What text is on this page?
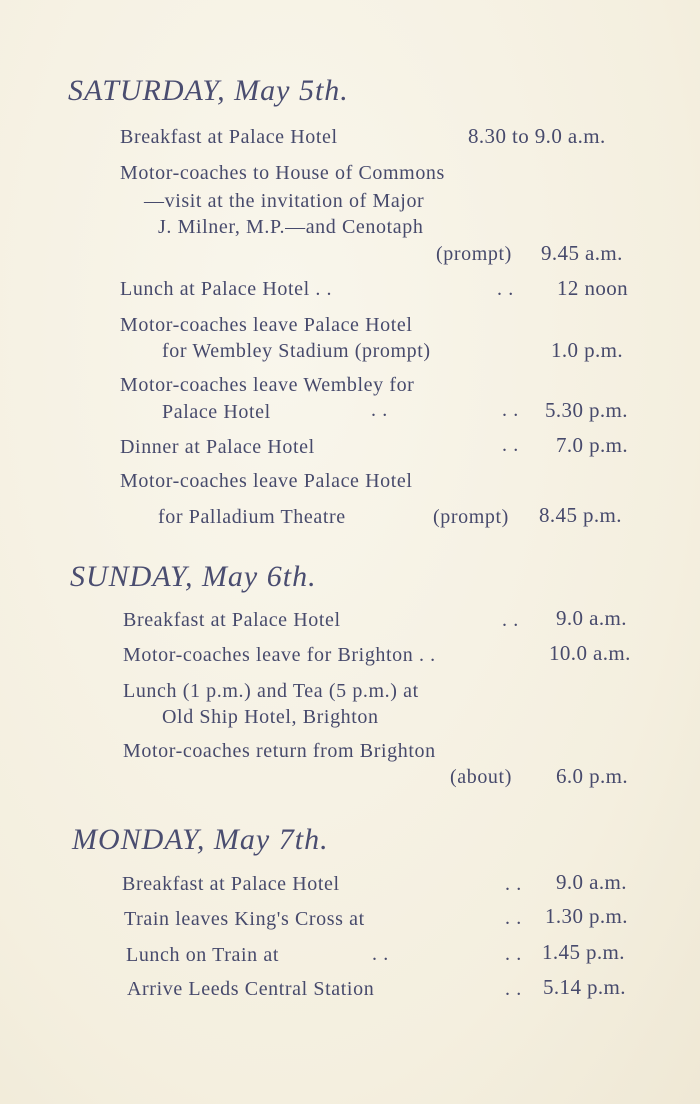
SATURDAY, May 5th.
Breakfast at Palace Hotel	8.30 to 9.0 a.m.
Motor-coaches to House of Commons
—visit at the invitation of Major
J. Milner, M.P.—and Cenotaph
(prompt) 9.45 a.m.
Lunch at Palace Hotel . .	. . 12 noon
Motor-coaches leave Palace Hotel
for Wembley Stadium (prompt)	1.0 p.m.
Motor-coaches leave Wembley for
Palace Hotel	. .	. . 5.30 p.m.
Dinner at Palace Hotel	. . 7.0 p.m.
Motor-coaches leave Palace Hotel
for Palladium Theatre	(prompt) 8.45 p.m.
SUNDAY, May 6th.
Breakfast at Palace Hotel	. . 9.0 a.m.
Motor-coaches leave for Brighton . .	10.0 a.m.
Lunch (1 p.m.) and Tea (5 p.m.) at
Old Ship Hotel, Brighton
Motor-coaches return from Brighton
(about) 6.0 p.m.
MONDAY, May 7th.
Breakfast at Palace Hotel	. . 9.0 a.m.
Train leaves King's Cross at	. . 1.30 p.m.
Lunch on Train at	. .	. . 1.45 p.m.
Arrive Leeds Central Station	. . 5.14 p.m.
